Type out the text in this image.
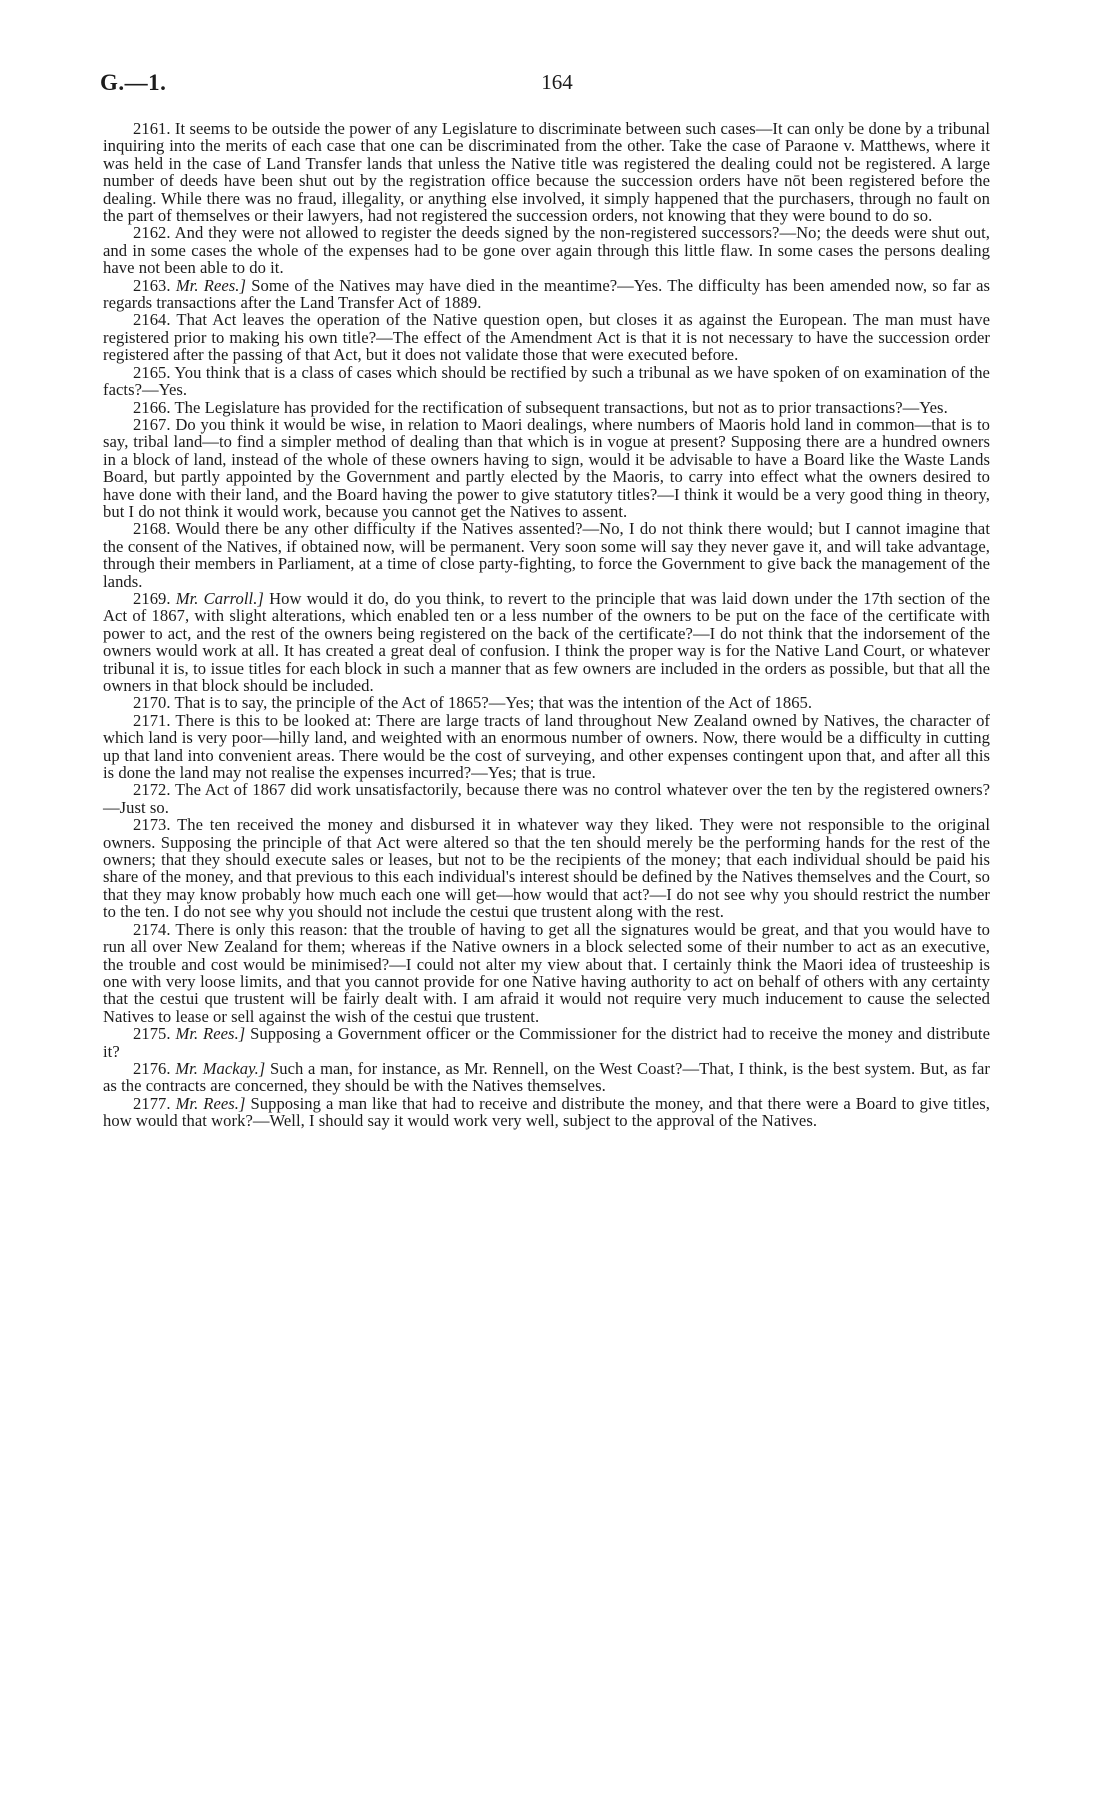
G.—1.	164

2161. It seems to be outside the power of any Legislature to discriminate between such cases—It can only be done by a tribunal inquiring into the merits of each case that one can be discriminated from the other. Take the case of Paraone v. Matthews, where it was held in the case of Land Transfer lands that unless the Native title was registered the dealing could not be registered. A large number of deeds have been shut out by the registration office because the succession orders have nōt been registered before the dealing. While there was no fraud, illegality, or anything else involved, it simply happened that the purchasers, through no fault on the part of themselves or their lawyers, had not registered the succession orders, not knowing that they were bound to do so.

2162. And they were not allowed to register the deeds signed by the non-registered successors?—No; the deeds were shut out, and in some cases the whole of the expenses had to be gone over again through this little flaw. In some cases the persons dealing have not been able to do it.

2163. Mr. Rees.] Some of the Natives may have died in the meantime?—Yes. The difficulty has been amended now, so far as regards transactions after the Land Transfer Act of 1889.

2164. That Act leaves the operation of the Native question open, but closes it as against the European. The man must have registered prior to making his own title?—The effect of the Amendment Act is that it is not necessary to have the succession order registered after the passing of that Act, but it does not validate those that were executed before.

2165. You think that is a class of cases which should be rectified by such a tribunal as we have spoken of on examination of the facts?—Yes.

2166. The Legislature has provided for the rectification of subsequent transactions, but not as to prior transactions?—Yes.

2167. Do you think it would be wise, in relation to Maori dealings, where numbers of Maoris hold land in common—that is to say, tribal land—to find a simpler method of dealing than that which is in vogue at present? Supposing there are a hundred owners in a block of land, instead of the whole of these owners having to sign, would it be advisable to have a Board like the Waste Lands Board, but partly appointed by the Government and partly elected by the Maoris, to carry into effect what the owners desired to have done with their land, and the Board having the power to give statutory titles?—I think it would be a very good thing in theory, but I do not think it would work, because you cannot get the Natives to assent.

2168. Would there be any other difficulty if the Natives assented?—No, I do not think there would; but I cannot imagine that the consent of the Natives, if obtained now, will be permanent. Very soon some will say they never gave it, and will take advantage, through their members in Parliament, at a time of close party-fighting, to force the Government to give back the management of the lands.

2169. Mr. Carroll.] How would it do, do you think, to revert to the principle that was laid down under the 17th section of the Act of 1867, with slight alterations, which enabled ten or a less number of the owners to be put on the face of the certificate with power to act, and the rest of the owners being registered on the back of the certificate?—I do not think that the indorsement of the owners would work at all. It has created a great deal of confusion. I think the proper way is for the Native Land Court, or whatever tribunal it is, to issue titles for each block in such a manner that as few owners are included in the orders as possible, but that all the owners in that block should be included.

2170. That is to say, the principle of the Act of 1865?—Yes; that was the intention of the Act of 1865.

2171. There is this to be looked at: There are large tracts of land throughout New Zealand owned by Natives, the character of which land is very poor—hilly land, and weighted with an enormous number of owners. Now, there would be a difficulty in cutting up that land into convenient areas. There would be the cost of surveying, and other expenses contingent upon that, and after all this is done the land may not realise the expenses incurred?—Yes; that is true.

2172. The Act of 1867 did work unsatisfactorily, because there was no control whatever over the ten by the registered owners?—Just so.

2173. The ten received the money and disbursed it in whatever way they liked. They were not responsible to the original owners. Supposing the principle of that Act were altered so that the ten should merely be the performing hands for the rest of the owners; that they should execute sales or leases, but not to be the recipients of the money; that each individual should be paid his share of the money, and that previous to this each individual's interest should be defined by the Natives themselves and the Court, so that they may know probably how much each one will get—how would that act?—I do not see why you should restrict the number to the ten. I do not see why you should not include the cestui que trustent along with the rest.

2174. There is only this reason: that the trouble of having to get all the signatures would be great, and that you would have to run all over New Zealand for them; whereas if the Native owners in a block selected some of their number to act as an executive, the trouble and cost would be minimised?—I could not alter my view about that. I certainly think the Maori idea of trusteeship is one with very loose limits, and that you cannot provide for one Native having authority to act on behalf of others with any certainty that the cestui que trustent will be fairly dealt with. I am afraid it would not require very much inducement to cause the selected Natives to lease or sell against the wish of the cestui que trustent.

2175. Mr. Rees.] Supposing a Government officer or the Commissioner for the district had to receive the money and distribute it?

2176. Mr. Mackay.] Such a man, for instance, as Mr. Rennell, on the West Coast?—That, I think, is the best system. But, as far as the contracts are concerned, they should be with the Natives themselves.

2177. Mr. Rees.] Supposing a man like that had to receive and distribute the money, and that there were a Board to give titles, how would that work?—Well, I should say it would work very well, subject to the approval of the Natives.
